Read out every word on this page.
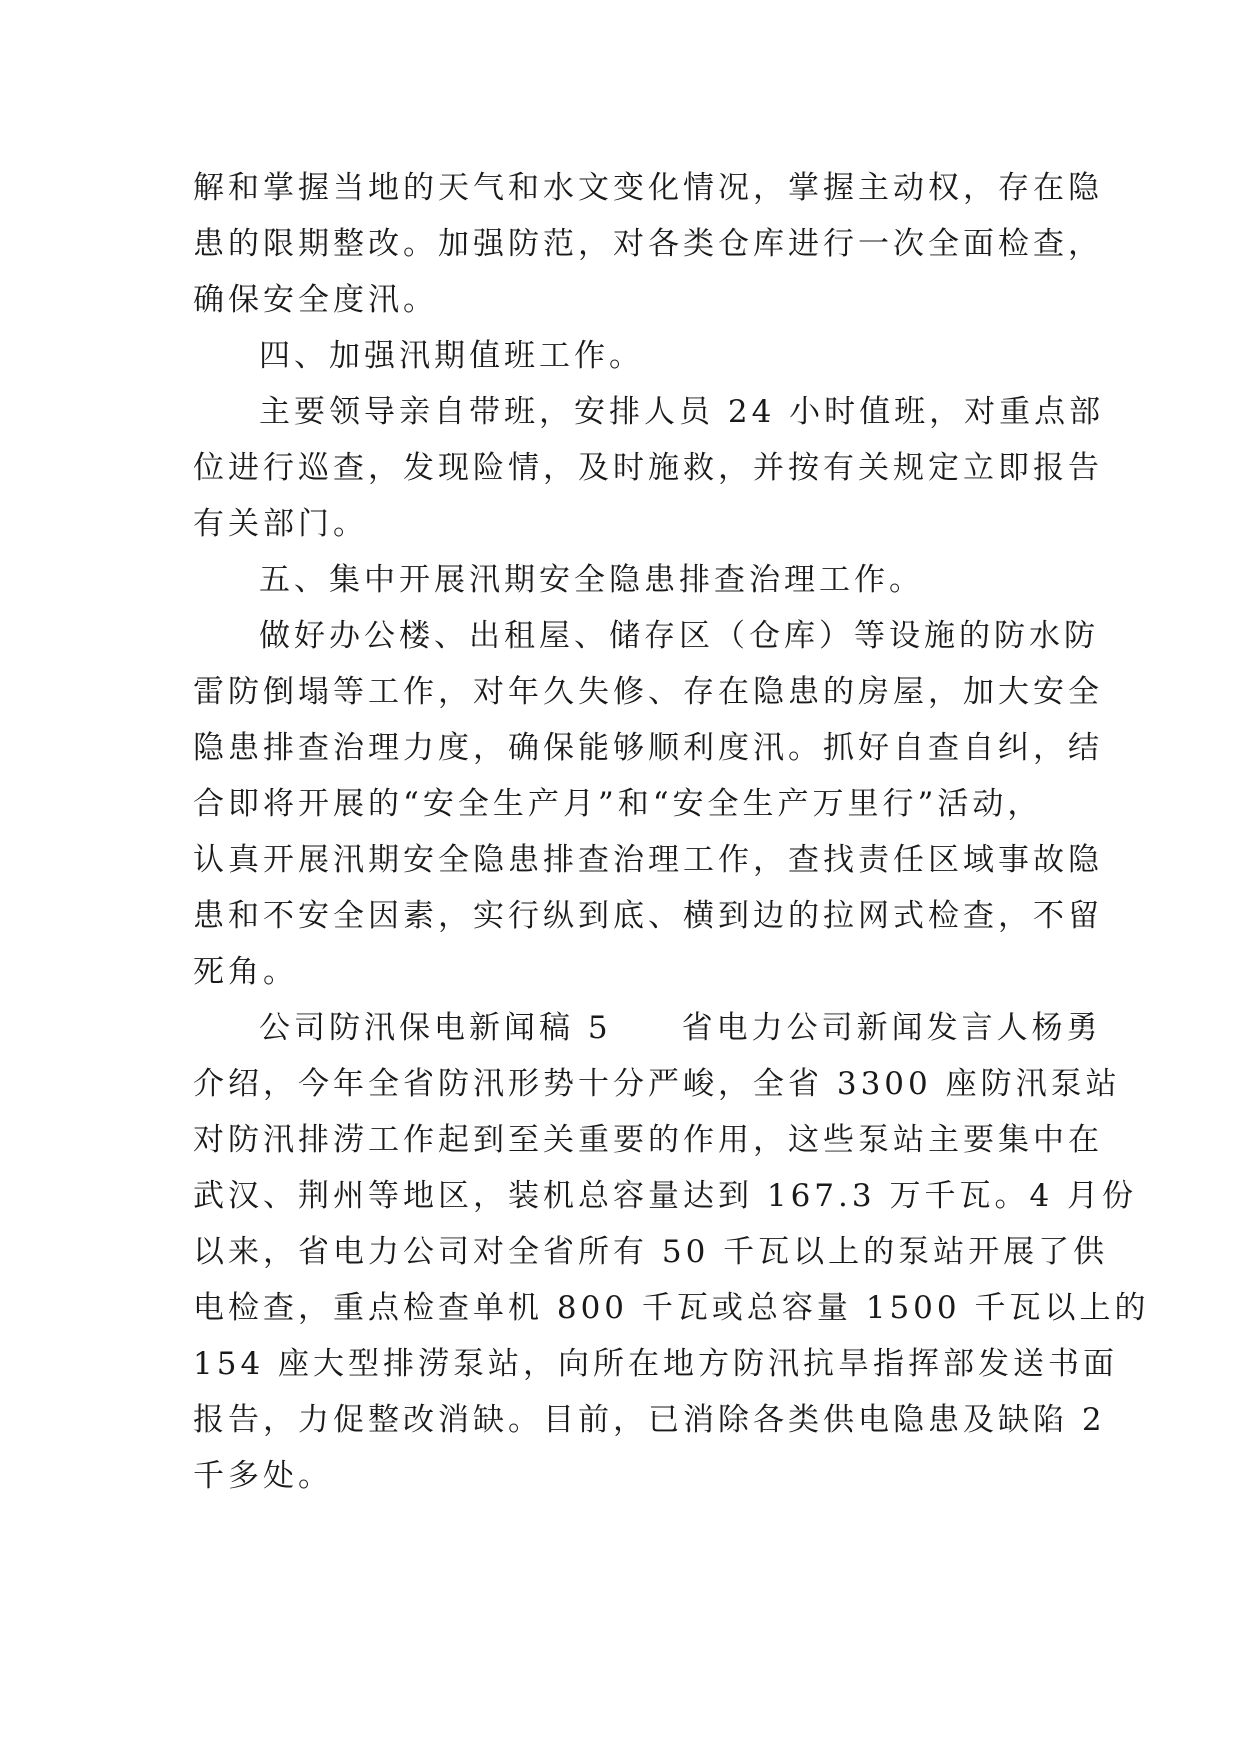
解和掌握当地的天气和水文变化情况，掌握主动权，存在隐
患的限期整改。加强防范，对各类仓库进行一次全面检查，
确保安全度汛。
四、加强汛期值班工作。
主要领导亲自带班，安排人员 24 小时值班，对重点部
位进行巡查，发现险情，及时施救，并按有关规定立即报告
有关部门。
五、集中开展汛期安全隐患排查治理工作。
做好办公楼、出租屋、储存区（仓库）等设施的防水防
雷防倒塌等工作，对年久失修、存在隐患的房屋，加大安全
隐患排查治理力度，确保能够顺利度汛。抓好自查自纠，结
合即将开展的“安全生产月”和“安全生产万里行”活动，
认真开展汛期安全隐患排查治理工作，查找责任区域事故隐
患和不安全因素，实行纵到底、横到边的拉网式检查，不留
死角。
公司防汛保电新闻稿 5　　省电力公司新闻发言人杨勇
介绍，今年全省防汛形势十分严峻，全省 3300 座防汛泵站
对防汛排涝工作起到至关重要的作用，这些泵站主要集中在
武汉、荆州等地区，装机总容量达到 167.3 万千瓦。4 月份
以来，省电力公司对全省所有 50 千瓦以上的泵站开展了供
电检查，重点检查单机 800 千瓦或总容量 1500 千瓦以上的
154 座大型排涝泵站，向所在地方防汛抗旱指挥部发送书面
报告，力促整改消缺。目前，已消除各类供电隐患及缺陷 2
千多处。
